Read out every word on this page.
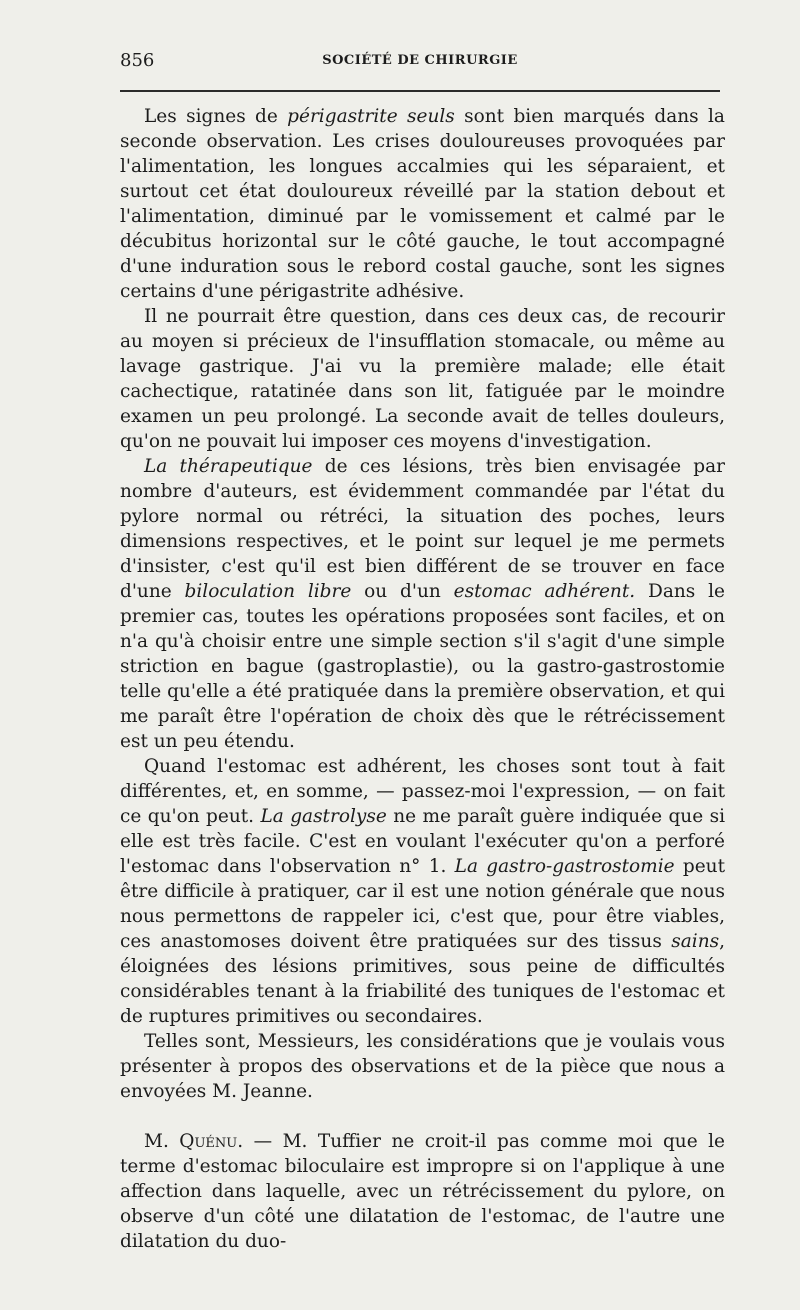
856	SOCIÉTÉ DE CHIRURGIE

Les signes de périgastrite seuls sont bien marqués dans la seconde observation. Les crises douloureuses provoquées par l'alimentation, les longues accalmies qui les séparaient, et surtout cet état douloureux réveillé par la station debout et l'alimentation, diminué par le vomissement et calmé par le décubitus horizontal sur le côté gauche, le tout accompagné d'une induration sous le rebord costal gauche, sont les signes certains d'une périgastrite adhésive.

Il ne pourrait être question, dans ces deux cas, de recourir au moyen si précieux de l'insufflation stomacale, ou même au lavage gastrique. J'ai vu la première malade; elle était cachectique, ratatinée dans son lit, fatiguée par le moindre examen un peu prolongé. La seconde avait de telles douleurs, qu'on ne pouvait lui imposer ces moyens d'investigation.

La thérapeutique de ces lésions, très bien envisagée par nombre d'auteurs, est évidemment commandée par l'état du pylore normal ou rétréci, la situation des poches, leurs dimensions respectives, et le point sur lequel je me permets d'insister, c'est qu'il est bien différent de se trouver en face d'une biloculation libre ou d'un estomac adhérent. Dans le premier cas, toutes les opérations proposées sont faciles, et on n'a qu'à choisir entre une simple section s'il s'agit d'une simple striction en bague (gastroplastie), ou la gastro-gastrostomie telle qu'elle a été pratiquée dans la première observation, et qui me paraît être l'opération de choix dès que le rétrécissement est un peu étendu.

Quand l'estomac est adhérent, les choses sont tout à fait différentes, et, en somme, — passez-moi l'expression, — on fait ce qu'on peut. La gastrolyse ne me paraît guère indiquée que si elle est très facile. C'est en voulant l'exécuter qu'on a perforé l'estomac dans l'observation n° 1. La gastro-gastrostomie peut être difficile à pratiquer, car il est une notion générale que nous nous permettons de rappeler ici, c'est que, pour être viables, ces anastomoses doivent être pratiquées sur des tissus sains, éloignées des lésions primitives, sous peine de difficultés considérables tenant à la friabilité des tuniques de l'estomac et de ruptures primitives ou secondaires.

Telles sont, Messieurs, les considérations que je voulais vous présenter à propos des observations et de la pièce que nous a envoyées M. Jeanne.

M. Quénu. — M. Tuffier ne croit-il pas comme moi que le terme d'estomac biloculaire est impropre si on l'applique à une affection dans laquelle, avec un rétrécissement du pylore, on observe d'un côté une dilatation de l'estomac, de l'autre une dilatation du duo-
